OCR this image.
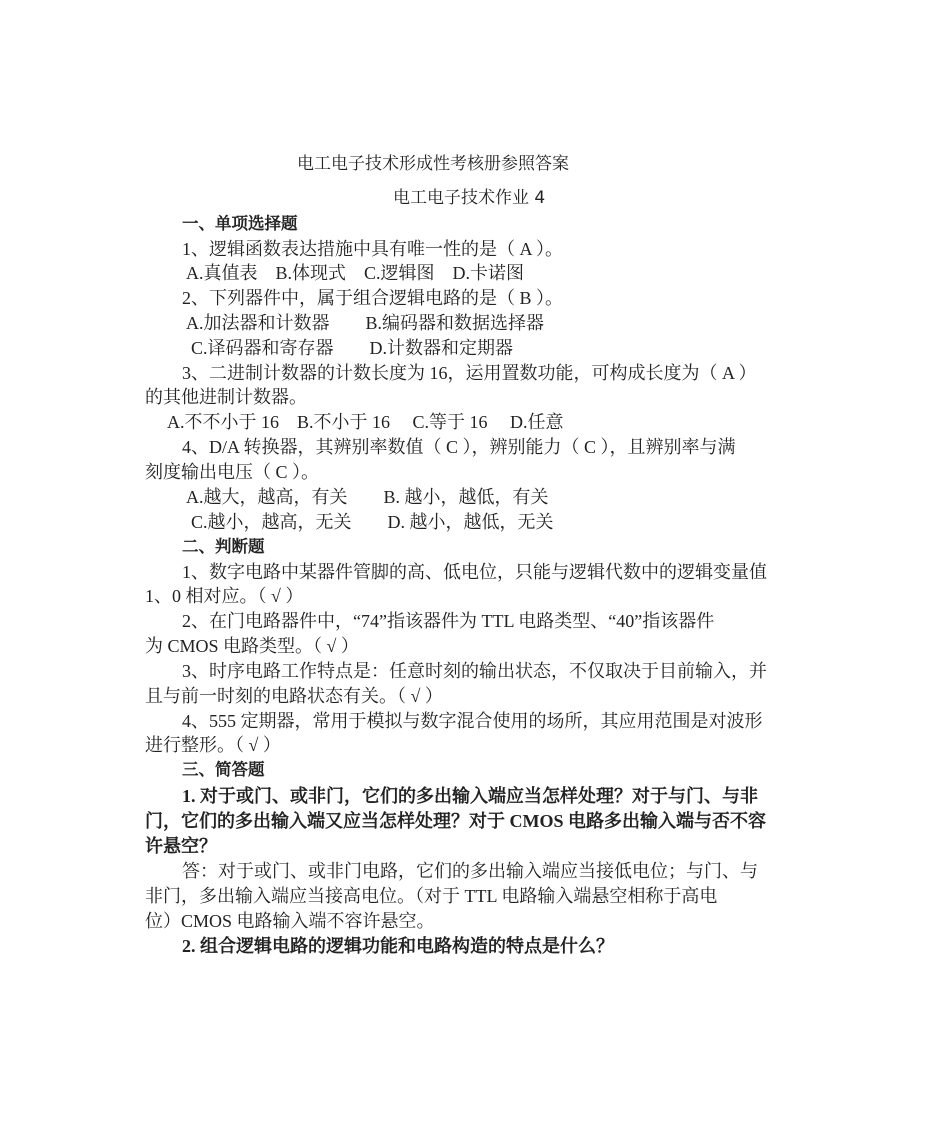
电工电子技术形成性考核册参照答案
电工电子技术作业 4
一、单项选择题
1、逻辑函数表达措施中具有唯一性的是（ A ）。
A.真值表　B.体现式　C.逻辑图　D.卡诺图
2、下列器件中，属于组合逻辑电路的是（ B ）。
A.加法器和计数器　　B.编码器和数据选择器
C.译码器和寄存器　　D.计数器和定期器
3、二进制计数器的计数长度为 16，运用置数功能，可构成长度为（ A ）
的其他进制计数器。
A.不不小于 16　B.不小于 16　 C.等于 16　 D.任意
4、D/A 转换器，其辨别率数值（ C ），辨别能力（ C ），且辨别率与满
刻度输出电压（ C ）。
A.越大，越高，有关　　B. 越小，越低，有关
C.越小，越高，无关　　D. 越小，越低，无关
二、判断题
1、数字电路中某器件管脚的高、低电位，只能与逻辑代数中的逻辑变量值
1、0 相对应。（ √ ）
2、在门电路器件中，“74”指该器件为 TTL 电路类型、“40”指该器件
为 CMOS 电路类型。（ √ ）
3、时序电路工作特点是：任意时刻的输出状态，不仅取决于目前输入，并
且与前一时刻的电路状态有关。（ √ ）
4、555 定期器，常用于模拟与数字混合使用的场所，其应用范围是对波形
进行整形。（ √ ）
三、简答题
1. 对于或门、或非门，它们的多出输入端应当怎样处理？对于与门、与非
门，它们的多出输入端又应当怎样处理？对于 CMOS 电路多出输入端与否不容
许悬空？
答：对于或门、或非门电路，它们的多出输入端应当接低电位；与门、与
非门，多出输入端应当接高电位。（对于 TTL 电路输入端悬空相称于高电
位）CMOS 电路输入端不容许悬空。
2. 组合逻辑电路的逻辑功能和电路构造的特点是什么？
